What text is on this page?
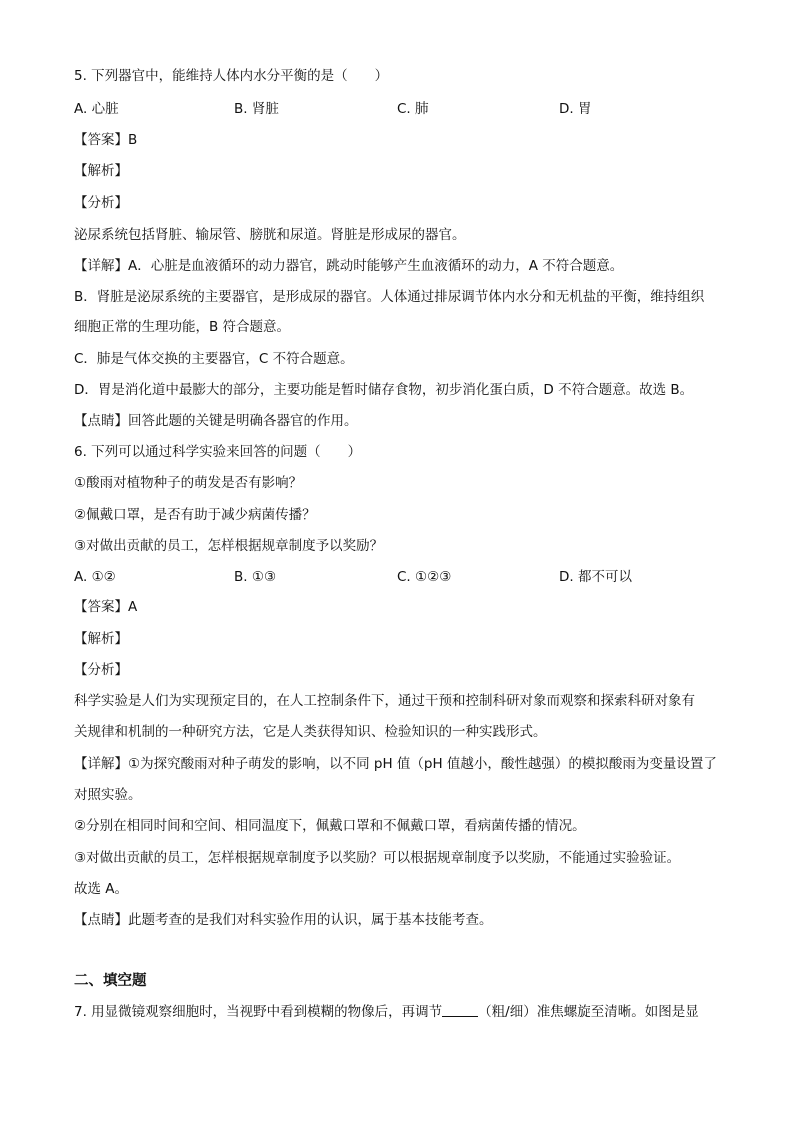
5. 下列器官中，能维持人体内水分平衡的是（　　）
A. 心脏	B. 肾脏	C. 肺	D. 胃
【答案】B
【解析】
【分析】
泌尿系统包括肾脏、输尿管、膀胱和尿道。肾脏是形成尿的器官。
【详解】A．心脏是血液循环的动力器官，跳动时能够产生血液循环的动力，A 不符合题意。
B．肾脏是泌尿系统的主要器官，是形成尿的器官。人体通过排尿调节体内水分和无机盐的平衡，维持组织
细胞正常的生理功能，B 符合题意。
C．肺是气体交换的主要器官，C 不符合题意。
D．胃是消化道中最膨大的部分，主要功能是暂时储存食物，初步消化蛋白质，D 不符合题意。故选 B。
【点睛】回答此题的关键是明确各器官的作用。
6. 下列可以通过科学实验来回答的问题（　　）
①酸雨对植物种子的萌发是否有影响？
②佩戴口罩，是否有助于减少病菌传播？
③对做出贡献的员工，怎样根据规章制度予以奖励？
A. ①②	B. ①③	C. ①②③	D. 都不可以
【答案】A
【解析】
【分析】
科学实验是人们为实现预定目的，在人工控制条件下，通过干预和控制科研对象而观察和探索科研对象有
关规律和机制的一种研究方法，它是人类获得知识、检验知识的一种实践形式。
【详解】①为探究酸雨对种子萌发的影响，以不同 pH 值（pH 值越小，酸性越强）的模拟酸雨为变量设置了
对照实验。
②分别在相同时间和空间、相同温度下，佩戴口罩和不佩戴口罩，看病菌传播的情况。
③对做出贡献的员工，怎样根据规章制度予以奖励？可以根据规章制度予以奖励，不能通过实验验证。
故选 A。
【点睛】此题考查的是我们对科实验作用的认识，属于基本技能考查。
二、填空题
7. 用显微镜观察细胞时，当视野中看到模糊的物像后，再调节	（粗/细）准焦螺旋至清晰。如图是显
